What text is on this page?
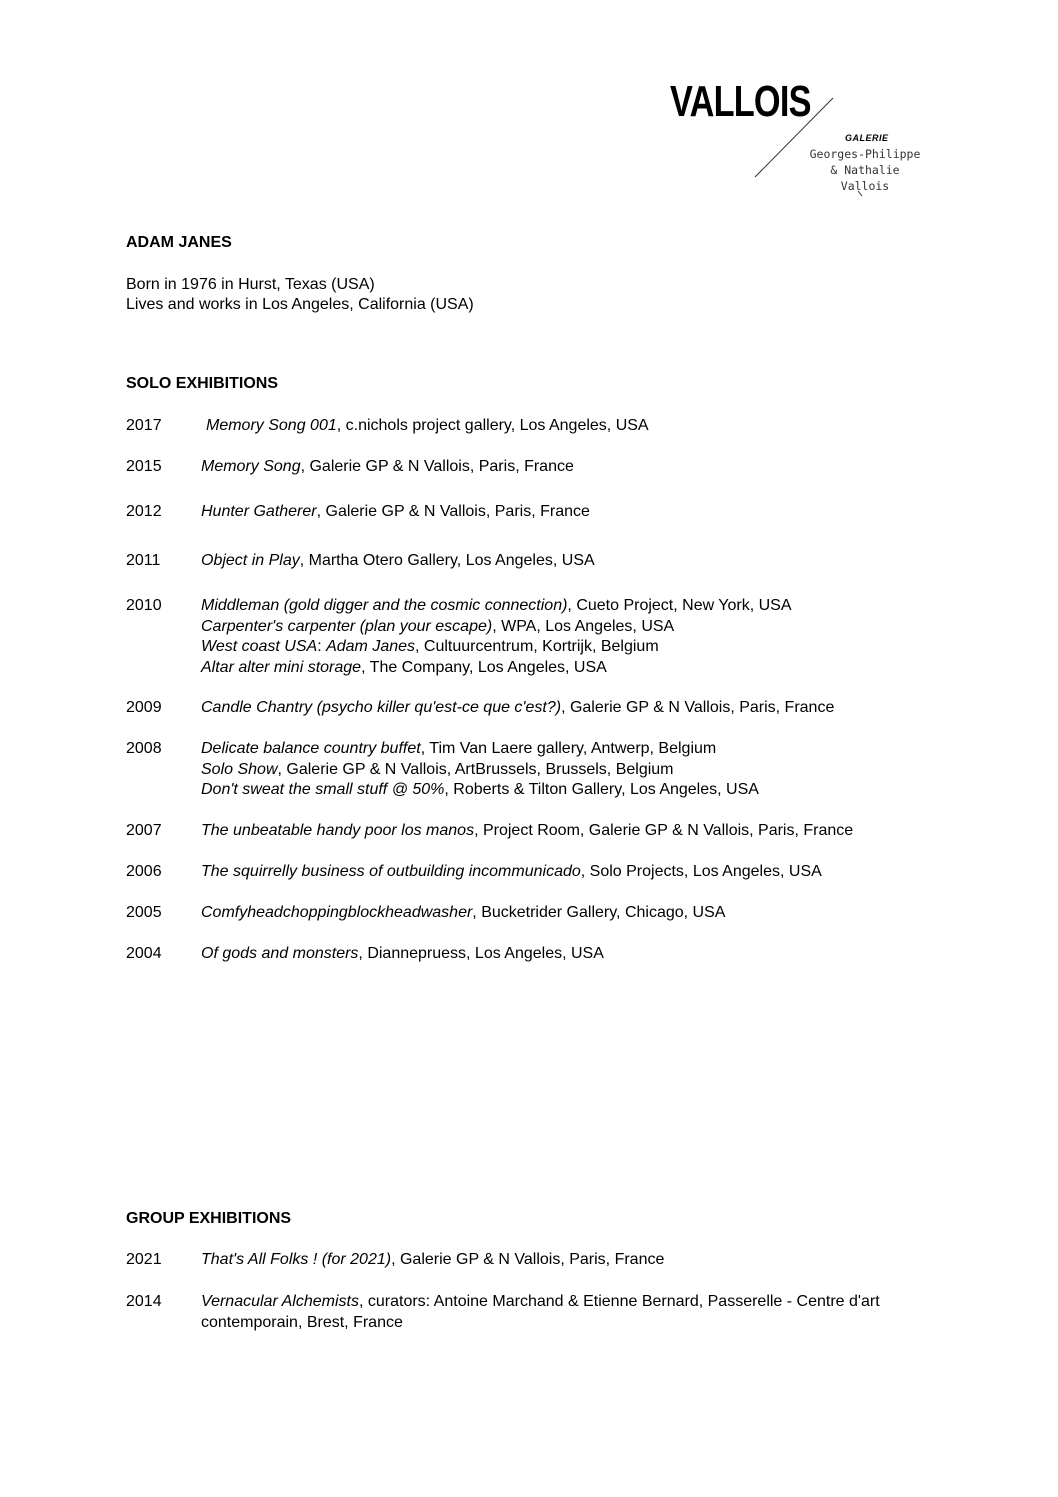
VALLOIS
GALERIE
Georges-Philippe
& Nathalie
Vallois
ADAM JANES
Born in 1976 in Hurst, Texas (USA)
Lives and works in Los Angeles, California (USA)
SOLO EXHIBITIONS
2017	Memory Song 001, c.nichols project gallery, Los Angeles, USA
2015 Memory Song, Galerie GP & N Vallois, Paris, France
2012 Hunter Gatherer, Galerie GP & N Vallois, Paris, France
2011	Object in Play, Martha Otero Gallery, Los Angeles, USA
2010 Middleman (gold digger and the cosmic connection), Cueto Project, New York, USA
Carpenter's carpenter (plan your escape), WPA, Los Angeles, USA
West coast USA: Adam Janes, Cultuurcentrum, Kortrijk, Belgium
Altar alter mini storage, The Company, Los Angeles, USA
2009 Candle Chantry (psycho killer qu'est-ce que c'est?), Galerie GP & N Vallois, Paris, France
2008 Delicate balance country buffet, Tim Van Laere gallery, Antwerp, Belgium
Solo Show, Galerie GP & N Vallois, ArtBrussels, Brussels, Belgium
Don't sweat the small stuff @ 50%, Roberts & Tilton Gallery, Los Angeles, USA
2007 The unbeatable handy poor los manos, Project Room, Galerie GP & N Vallois, Paris, France
2006 The squirrelly business of outbuilding incommunicado, Solo Projects, Los Angeles, USA
2005 Comfyheadchoppingblockheadwasher, Bucketrider Gallery, Chicago, USA
2004 Of gods and monsters, Diannepruess, Los Angeles, USA
GROUP EXHIBITIONS
2021 That's All Folks ! (for 2021), Galerie GP & N Vallois, Paris, France
2014 Vernacular Alchemists, curators: Antoine Marchand & Etienne Bernard, Passerelle - Centre d'art contemporain, Brest, France
